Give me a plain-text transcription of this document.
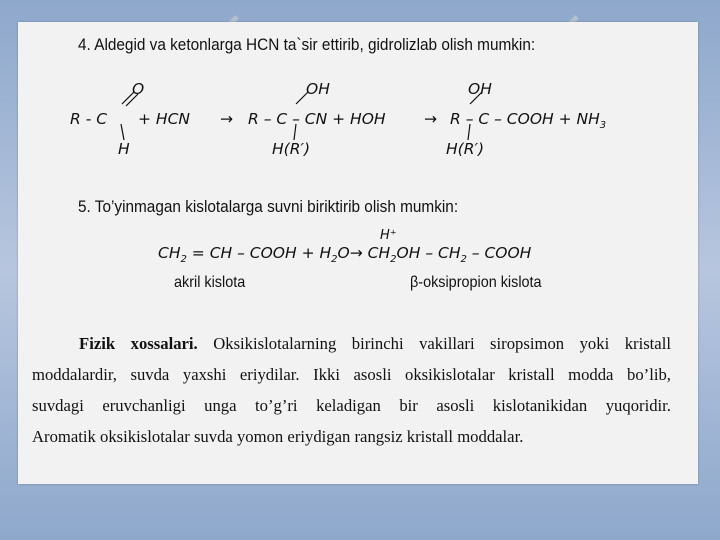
4. Aldegid va ketonlarga HCN ta`sir ettirib, gidrolizlab olish mumkin:
R - C
O
H
+ HCN → R – C – CN + HOH
OH
H(R′)
→ R – C – COOH + $NH_3$
OH
H(R′)
5. To’yinmagan kislotalarga suvni biriktirib olish mumkin:
H⁺
$CH_2$ = CH – COOH + $H_2O\to CH_2OH - CH_2$ – COOH
akril kislota	β-oksipropion kislota
Fizik xossalari. Oksikislotalarning birinchi vakillari siropsimon yoki kristall
moddalardir, suvda yaxshi eriydilar. Ikki asosli oksikislotalar kristall modda bo’lib,
suvdagi eruvchanligi unga to’g’ri keladigan bir asosli kislotanikidan yuqoridir.
Aromatik oksikislotalar suvda yomon eriydigan rangsiz kristall moddalar.
